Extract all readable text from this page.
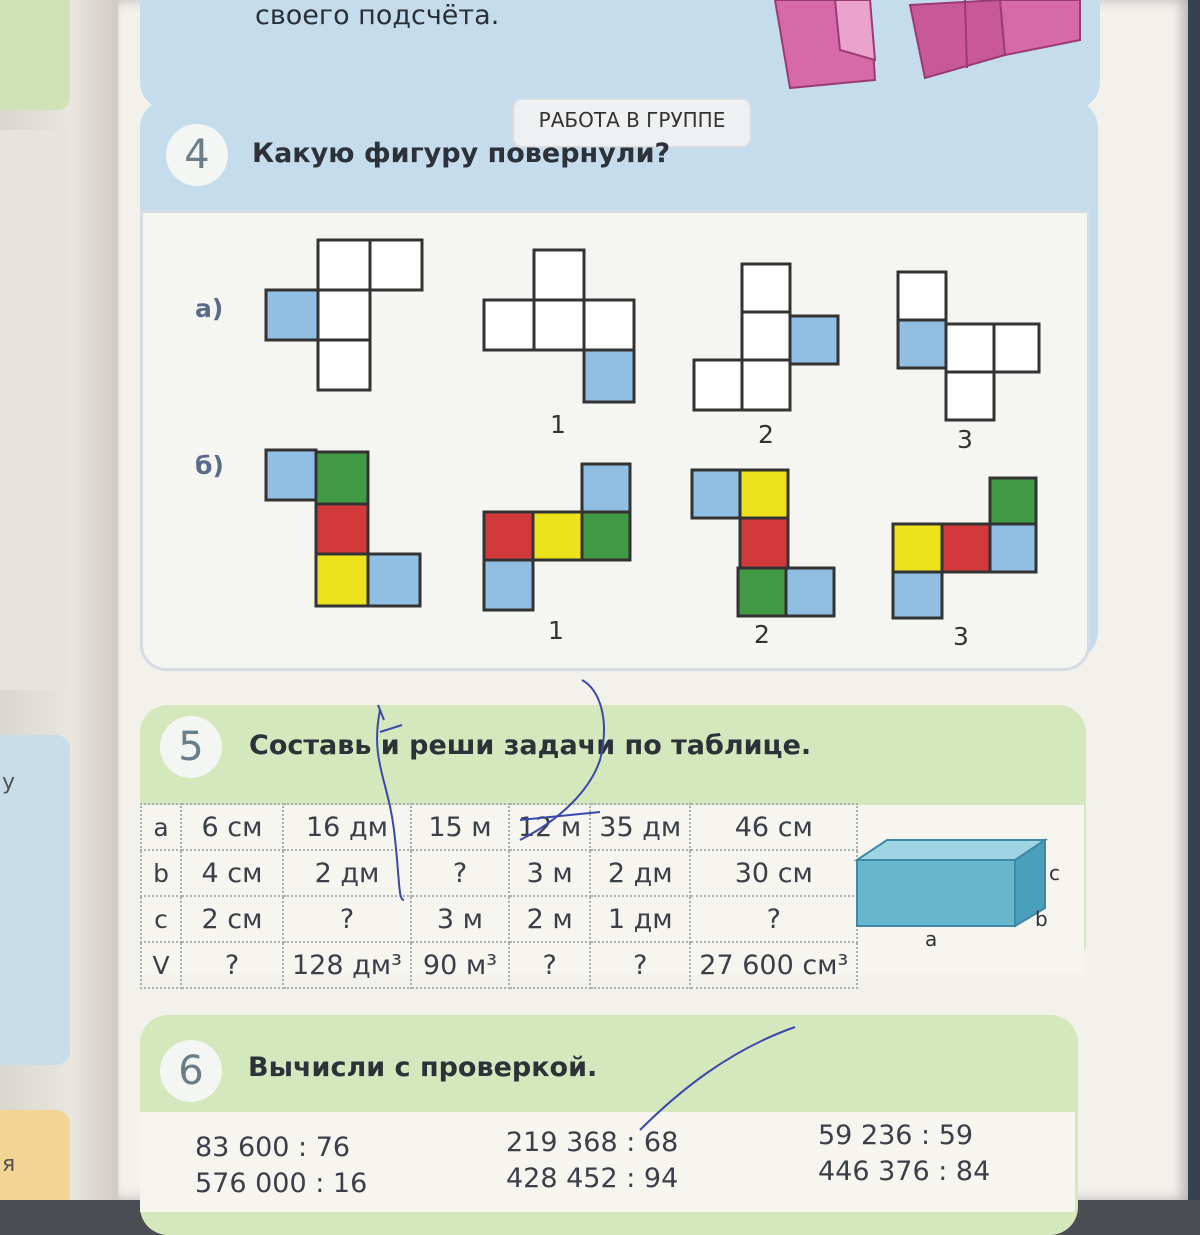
у
я
своего подсчёта.
РАБОТА В ГРУППЕ
4	Какую фигуру повернули?
а)
б)
1	2	3
1	2	3
5	Составь и реши задачи по таблице.
a	6 см	16 дм	15 м	12 м	35 дм	46 см
b	4 см	2 дм	?	3 м	2 дм	30 см
c	2 см	?	3 м	2 м	1 дм	?
V	?	128 дм³	90 м³	?	?	27 600 см³
c
b
a
6	Вычисли с проверкой.
83 600 : 76
576 000 : 16
219 368 : 68
428 452 : 94
59 236 : 59
446 376 : 84
